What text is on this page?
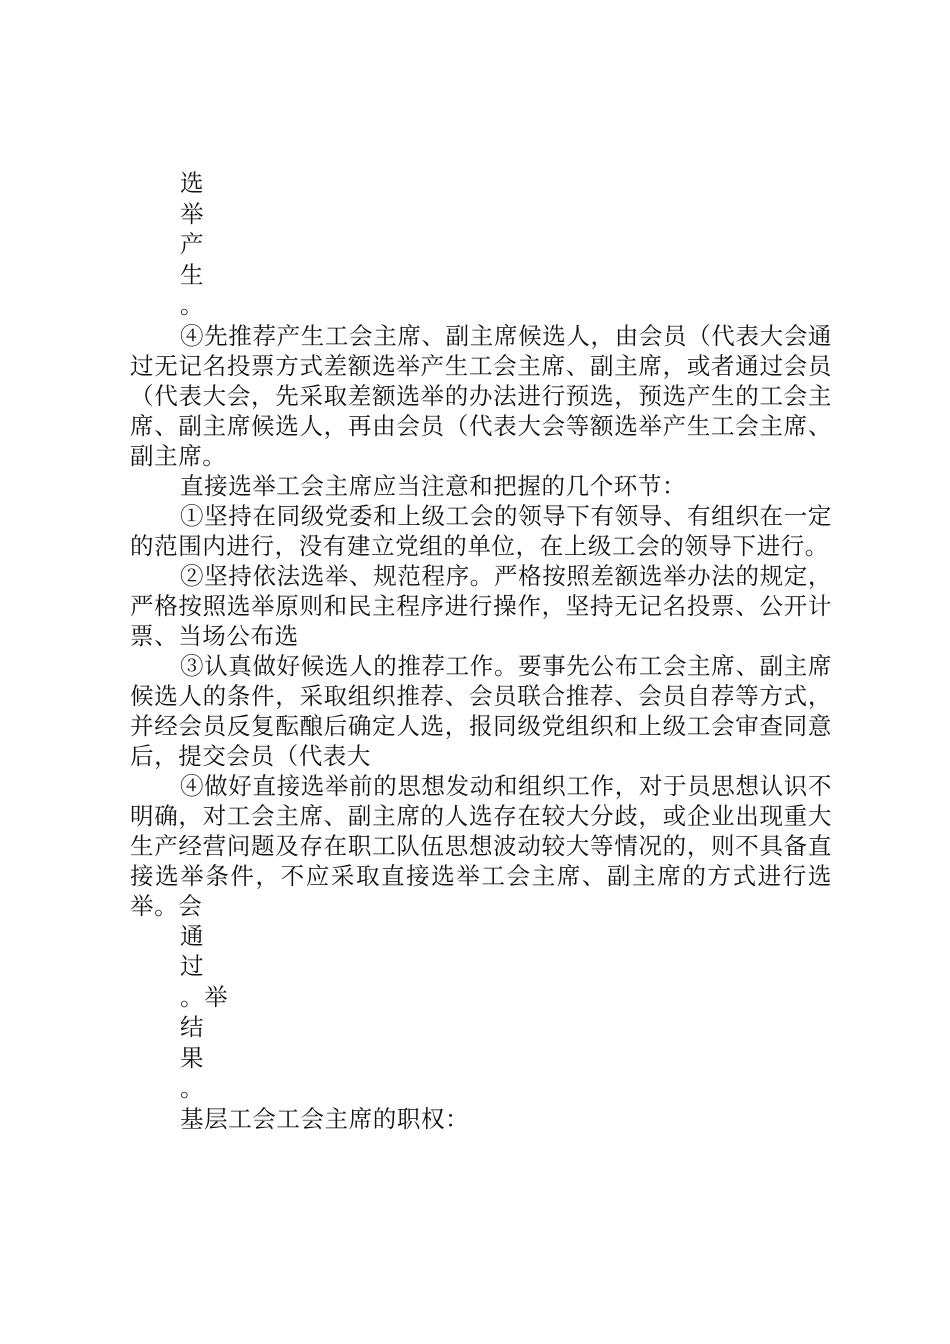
选
举
产
生
。

④先推荐产生工会主席、副主席候选人，由会员（代表大会通过无记名投票方式差额选举产生工会主席、副主席，或者通过会员（代表大会，先采取差额选举的办法进行预选，预选产生的工会主席、副主席候选人，再由会员（代表大会等额选举产生工会主席、副主席。

直接选举工会主席应当注意和把握的几个环节：

①坚持在同级党委和上级工会的领导下有领导、有组织在一定的范围内进行，没有建立党组的单位，在上级工会的领导下进行。

②坚持依法选举、规范程序。严格按照差额选举办法的规定，严格按照选举原则和民主程序进行操作，坚持无记名投票、公开计票、当场公布选

③认真做好候选人的推荐工作。要事先公布工会主席、副主席候选人的条件，采取组织推荐、会员联合推荐、会员自荐等方式，并经会员反复酝酿后确定人选，报同级党组织和上级工会审查同意后，提交会员（代表大

④做好直接选举前的思想发动和组织工作，对于员思想认识不明确，对工会主席、副主席的人选存在较大分歧，或企业出现重大生产经营问题及存在职工队伍思想波动较大等情况的，则不具备直接选举条件，不应采取直接选举工会主席、副主席的方式进行选举。会

通
过
。举
结
果
。

基层工会工会主席的职权：
